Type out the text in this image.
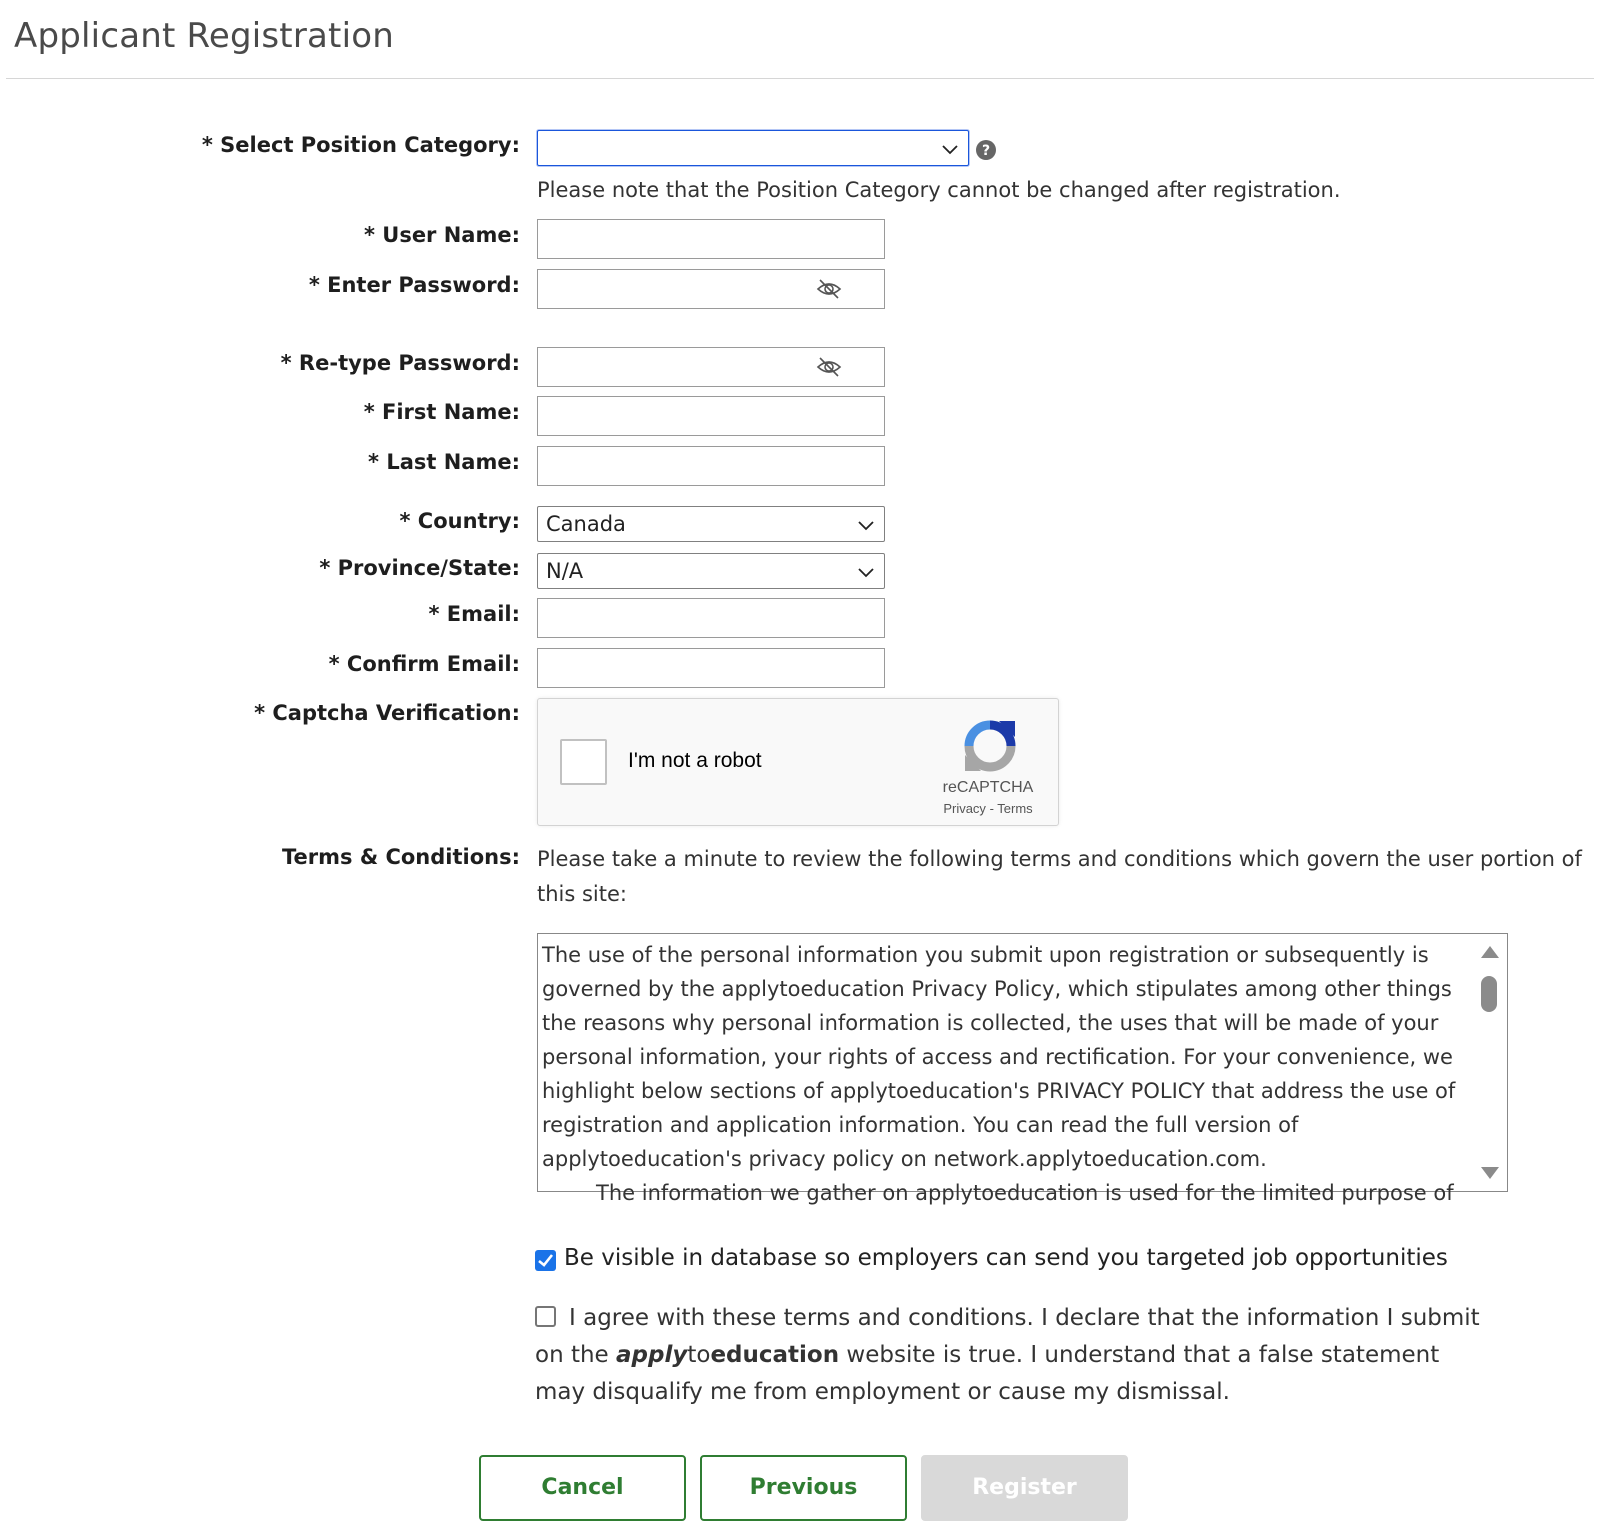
Applicant Registration
* Select Position Category:	?
Please note that the Position Category cannot be changed after registration.
* User Name:
* Enter Password:
* Re-type Password:
* First Name:
* Last Name:
* Country: Canada
* Province/State: N/A
* Email:
* Confirm Email:
* Captcha Verification:
I'm not a robot
reCAPTCHA
Privacy - Terms
Terms & Conditions: Please take a minute to review the following terms and conditions which govern the user portion of this site:

The use of the personal information you submit upon registration or subsequently is governed by the applytoeducation Privacy Policy, which stipulates among other things the reasons why personal information is collected, the uses that will be made of your personal information, your rights of access and rectification. For your convenience, we highlight below sections of applytoeducation's PRIVACY POLICY that address the use of registration and application information. You can read the full version of applytoeducation's privacy policy on network.applytoeducation.com.

The information we gather on applytoeducation is used for the limited purpose of

Be visible in database so employers can send you targeted job opportunities
I agree with these terms and conditions. I declare that the information I submit on the applytoeducation website is true. I understand that a false statement may disqualify me from employment or cause my dismissal.
Cancel	Previous	Register
